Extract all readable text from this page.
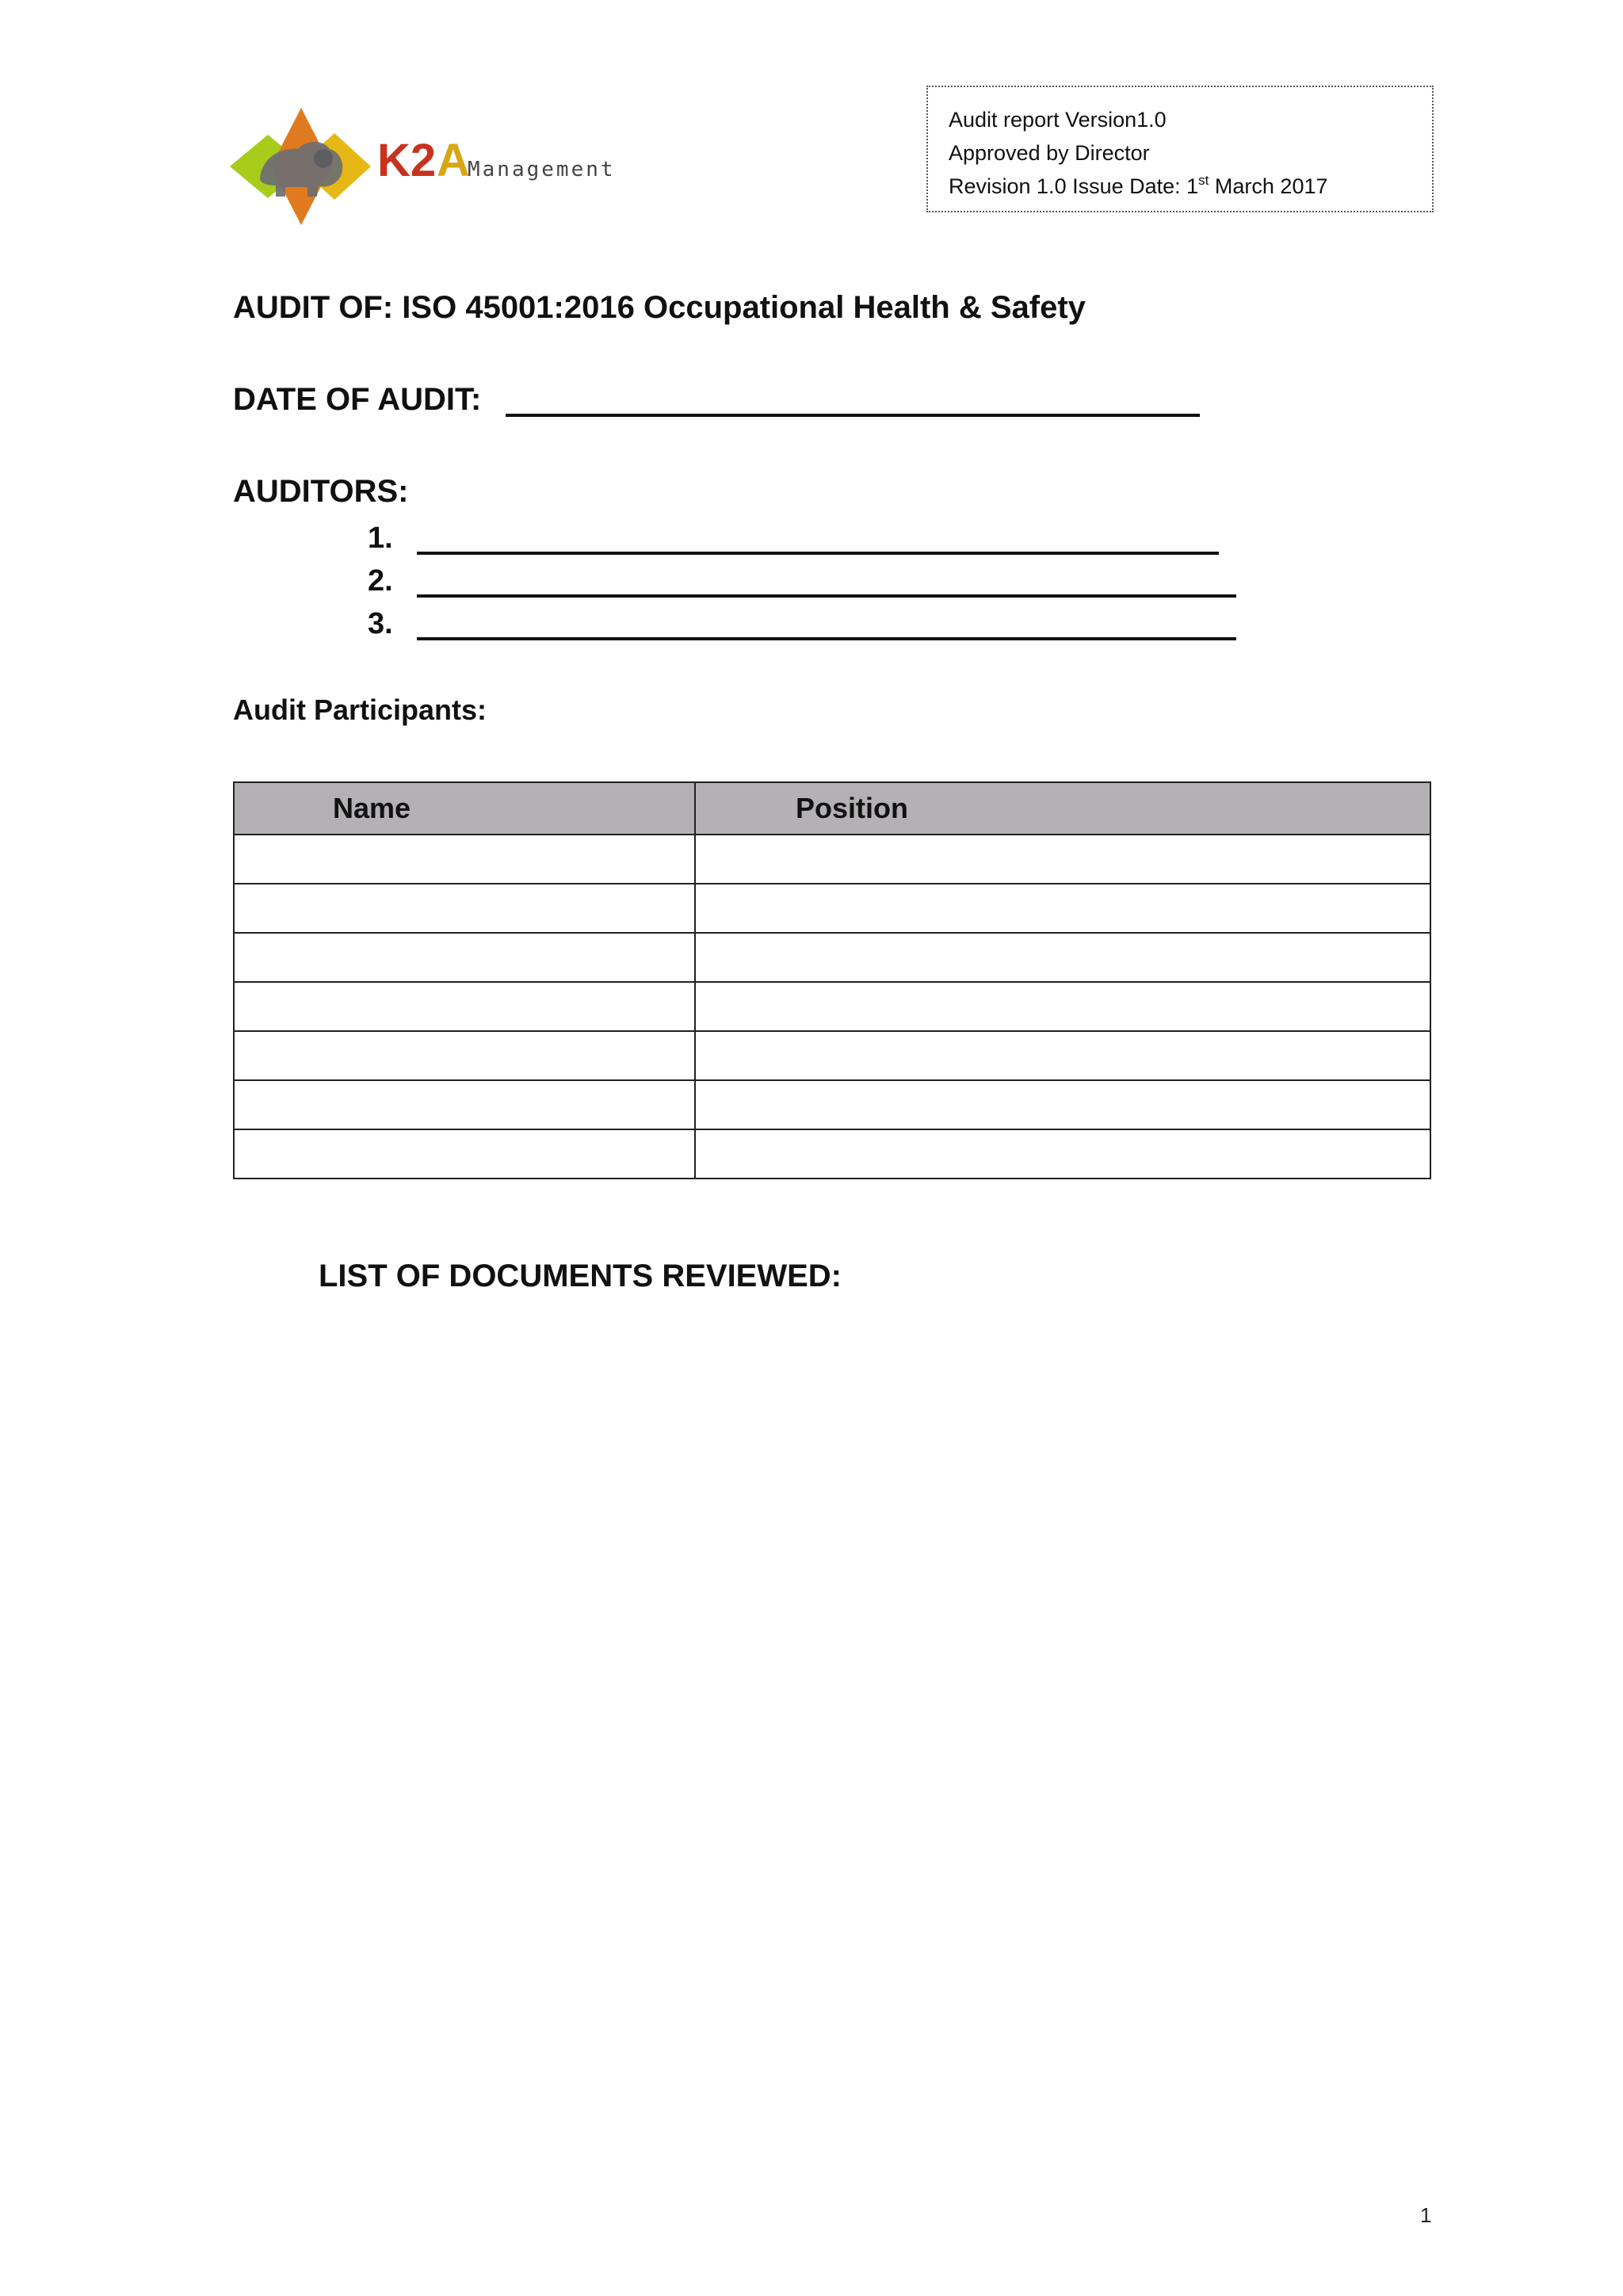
K2 A
Management
Audit report Version1.0
Approved by Director
Revision 1.0 Issue Date: 1st March 2017
AUDIT OF: ISO 45001:2016 Occupational Health & Safety
DATE OF AUDIT:
AUDITORS:
1.
2.
3.
Audit Participants:
Name	Position

LIST OF DOCUMENTS REVIEWED:
1
